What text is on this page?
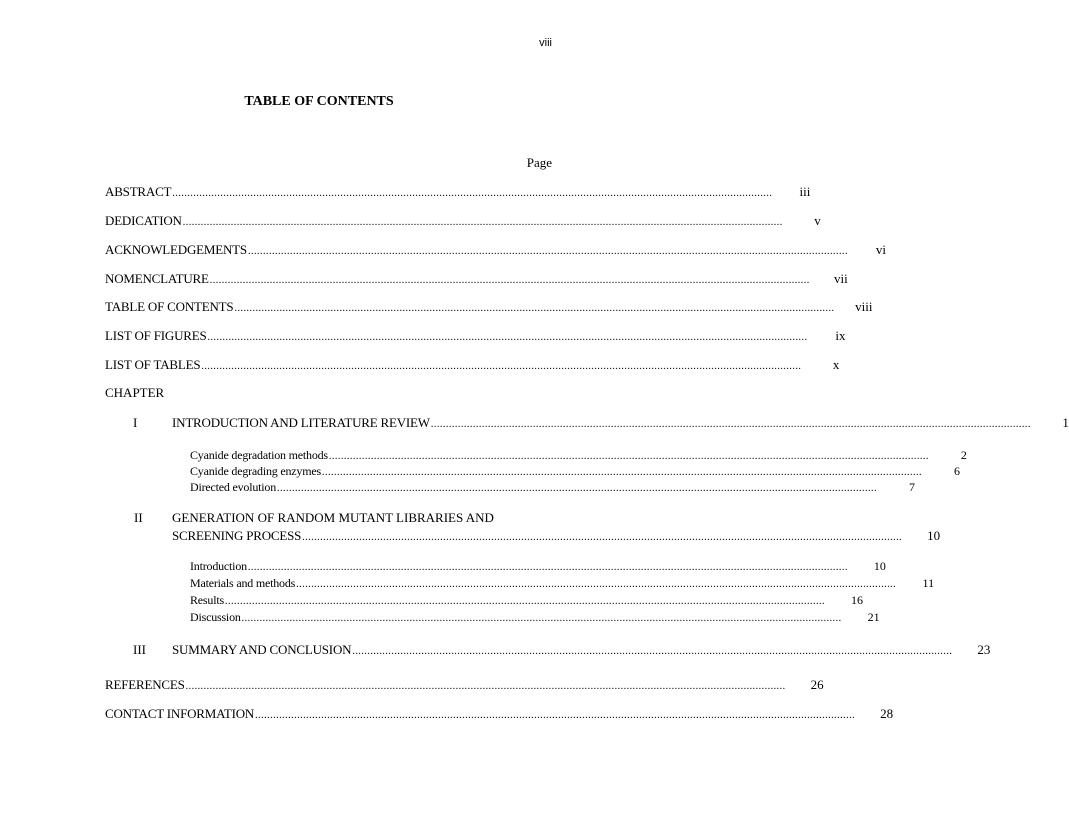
viii
TABLE OF CONTENTS
Page
ABSTRACT ........................................................................................................................................................................................................	iii
DEDICATION ........................................................................................................................................................................................................	v
ACKNOWLEDGEMENTS ........................................................................................................................................................................................................	vi
NOMENCLATURE ........................................................................................................................................................................................................	vii
TABLE OF CONTENTS ........................................................................................................................................................................................................	viii
LIST OF FIGURES ........................................................................................................................................................................................................	ix
LIST OF TABLES ........................................................................................................................................................................................................	x
CHAPTER
I	INTRODUCTION AND LITERATURE REVIEW ........................................................................................................................................................................................................	1
Cyanide degradation methods ........................................................................................................................................................................................................	2
Cyanide degrading enzymes ........................................................................................................................................................................................................	6
Directed evolution ........................................................................................................................................................................................................	7
II GENERATION OF RANDOM MUTANT LIBRARIES AND
SCREENING PROCESS ........................................................................................................................................................................................................	10
Introduction ........................................................................................................................................................................................................	10
Materials and methods ........................................................................................................................................................................................................	11
Results ........................................................................................................................................................................................................	16
Discussion ........................................................................................................................................................................................................	21
III SUMMARY AND CONCLUSION ........................................................................................................................................................................................................	23
REFERENCES ........................................................................................................................................................................................................	26
CONTACT INFORMATION ........................................................................................................................................................................................................	28
